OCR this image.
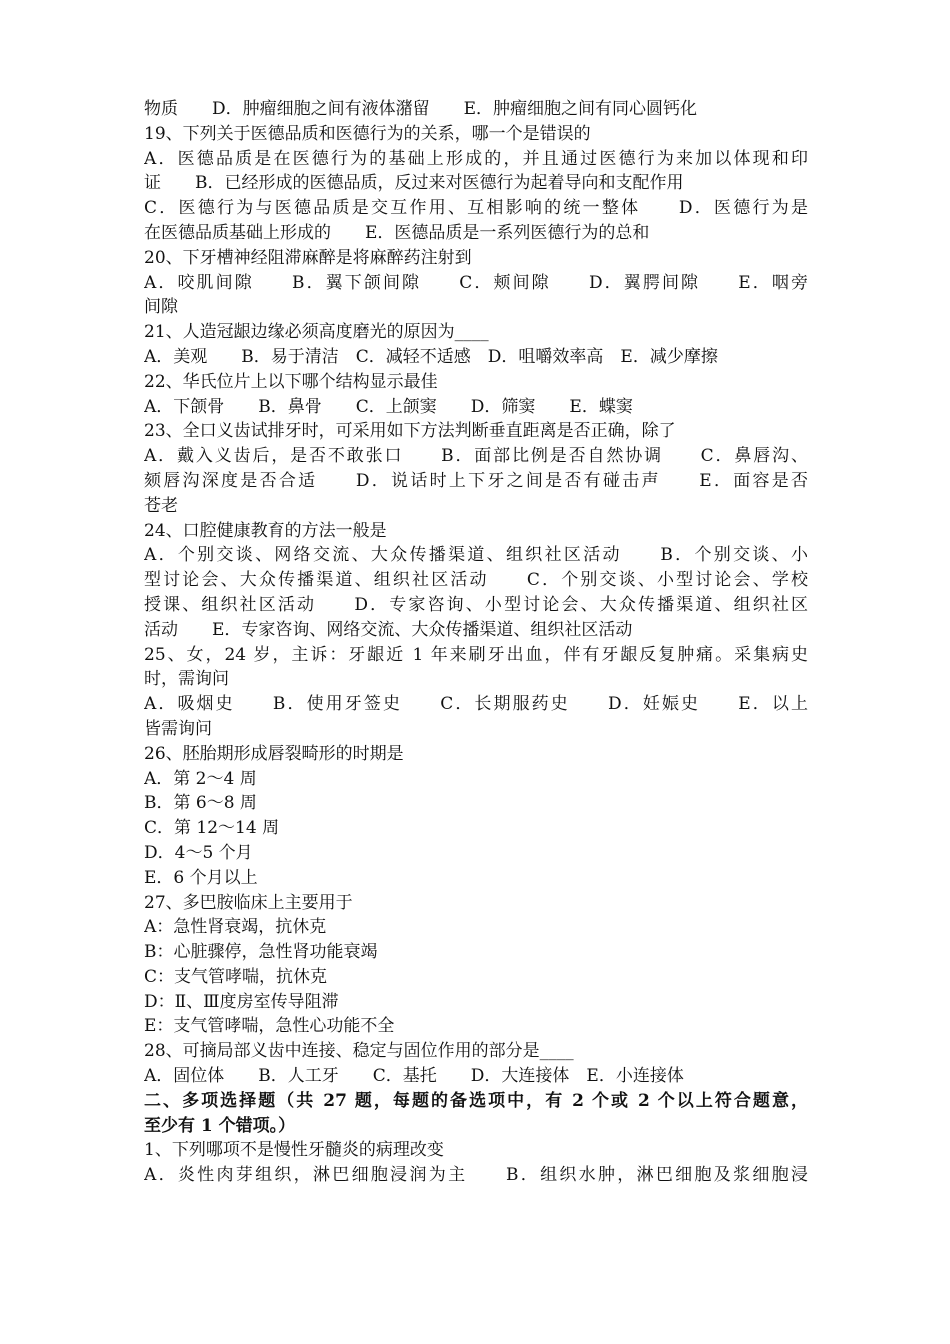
物质　　D．肿瘤细胞之间有液体潴留　　E．肿瘤细胞之间有同心圆钙化
19、下列关于医德品质和医德行为的关系，哪一个是错误的
A．医德品质是在医德行为的基础上形成的，并且通过医德行为来加以体现和印
证　　B．已经形成的医德品质，反过来对医德行为起着导向和支配作用
C．医德行为与医德品质是交互作用、互相影响的统一整体　　D．医德行为是
在医德品质基础上形成的　　E．医德品质是一系列医德行为的总和
20、下牙槽神经阻滞麻醉是将麻醉药注射到
A．咬肌间隙　　B．翼下颌间隙　　C．颊间隙　　D．翼腭间隙　　E．咽旁
间隙
21、人造冠龈边缘必须高度磨光的原因为____
A．美观　　B．易于清洁　C．减轻不适感　D．咀嚼效率高　E．减少摩擦
22、华氏位片上以下哪个结构显示最佳
A．下颌骨　　B．鼻骨　　C．上颌窦　　D．筛窦　　E．蝶窦
23、全口义齿试排牙时，可采用如下方法判断垂直距离是否正确，除了
A．戴入义齿后，是否不敢张口　　B．面部比例是否自然协调　　C．鼻唇沟、
颏唇沟深度是否合适　　D．说话时上下牙之间是否有碰击声　　E．面容是否
苍老
24、口腔健康教育的方法一般是
A．个别交谈、网络交流、大众传播渠道、组织社区活动　　B．个别交谈、小
型讨论会、大众传播渠道、组织社区活动　　C．个别交谈、小型讨论会、学校
授课、组织社区活动　　D．专家咨询、小型讨论会、大众传播渠道、组织社区
活动　　E．专家咨询、网络交流、大众传播渠道、组织社区活动
25、女，24 岁，主诉：牙龈近 1 年来刷牙出血，伴有牙龈反复肿痛。采集病史
时，需询问
A．吸烟史　　B．使用牙签史　　C．长期服药史　　D．妊娠史　　E．以上
皆需询问
26、胚胎期形成唇裂畸形的时期是
A．第 2～4 周
B．第 6～8 周
C．第 12～14 周
D．4～5 个月
E．6 个月以上
27、多巴胺临床上主要用于
A：急性肾衰竭，抗休克
B：心脏骤停，急性肾功能衰竭
C：支气管哮喘，抗休克
D：Ⅱ、Ⅲ度房室传导阻滞
E：支气管哮喘，急性心功能不全
28、可摘局部义齿中连接、稳定与固位作用的部分是____
A．固位体　　B．人工牙　　C．基托　　D．大连接体　E．小连接体
二、多项选择题（共 27 题，每题的备选项中，有 2 个或 2 个以上符合题意，
至少有 1 个错项。）
1、下列哪项不是慢性牙髓炎的病理改变
A．炎性肉芽组织，淋巴细胞浸润为主　　B．组织水肿，淋巴细胞及浆细胞浸
